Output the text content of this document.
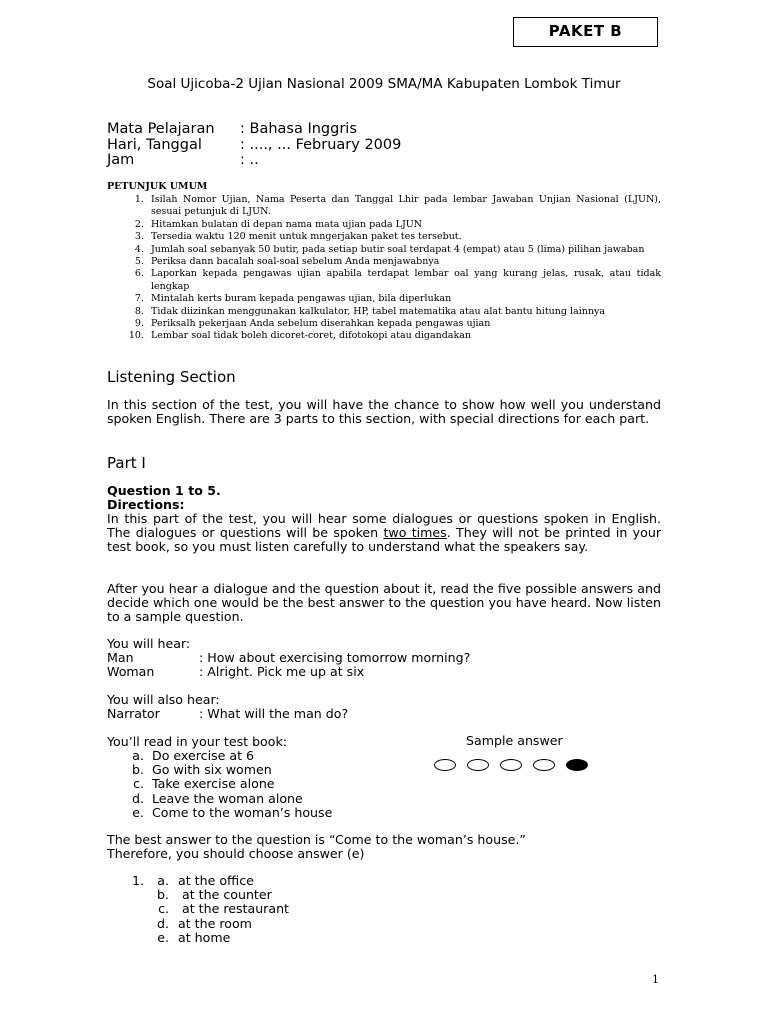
PAKET B
Soal Ujicoba-2 Ujian Nasional 2009 SMA/MA Kabupaten Lombok Timur
Mata Pelajaran	: Bahasa Inggris
Hari, Tanggal	: ...., ... February 2009
Jam	: ..
PETUNJUK UMUM
1. Isilah Nomor Ujian, Nama Peserta dan Tanggal Lhir pada lembar Jawaban Unjian Nasional (LJUN), sesuai petunjuk di LJUN.
2. Hitamkan bulatan di depan nama mata ujian pada LJUN
3. Tersedia waktu 120 menit untuk mngerjakan paket tes tersebut.
4. Jumlah soal sebanyak 50 butir, pada setiap butir soal terdapat 4 (empat) atau 5 (lima) pilihan jawaban
5. Periksa dann bacalah soal-soal sebelum Anda menjawabnya
6. Laporkan kepada pengawas ujian apabila terdapat lembar oal yang kurang jelas, rusak, atau tidak lengkap
7. Mintalah kerts buram kepada pengawas ujian, bila diperlukan
8. Tidak diizinkan menggunakan kalkulator, HP, tabel matematika atau alat bantu hitung lainnya
9. Periksalh pekerjaan Anda sebelum diserahkan kepada pengawas ujian
10. Lembar soal tidak boleh dicoret-coret, difotokopi atau digandakan
Listening Section
In this section of the test, you will have the chance to show how well you understand spoken English. There are 3 parts to this section, with special directions for each part.
Part I
Question 1 to 5.
Directions:
In this part of the test, you will hear some dialogues or questions spoken in English. The dialogues or questions will be spoken two times. They will not be printed in your test book, so you must listen carefully to understand what the speakers say.
After you hear a dialogue and the question about it, read the five possible answers and decide which one would be the best answer to the question you have heard. Now listen to a sample question.
You will hear:
Man	: How about exercising tomorrow morning?
Woman	: Alright. Pick me up at six
You will also hear:
Narrator	: What will the man do?
You’ll read in your test book:
a. Do exercise at 6
b. Go with six women
c. Take exercise alone
d. Leave the woman alone
e. Come to the woman’s house
Sample answer
The best answer to the question is “Come to the woman’s house.”
Therefore, you should choose answer (e)
1.	a. at the office
b. at the counter
c. at the restaurant
d. at the room
e. at home
1
